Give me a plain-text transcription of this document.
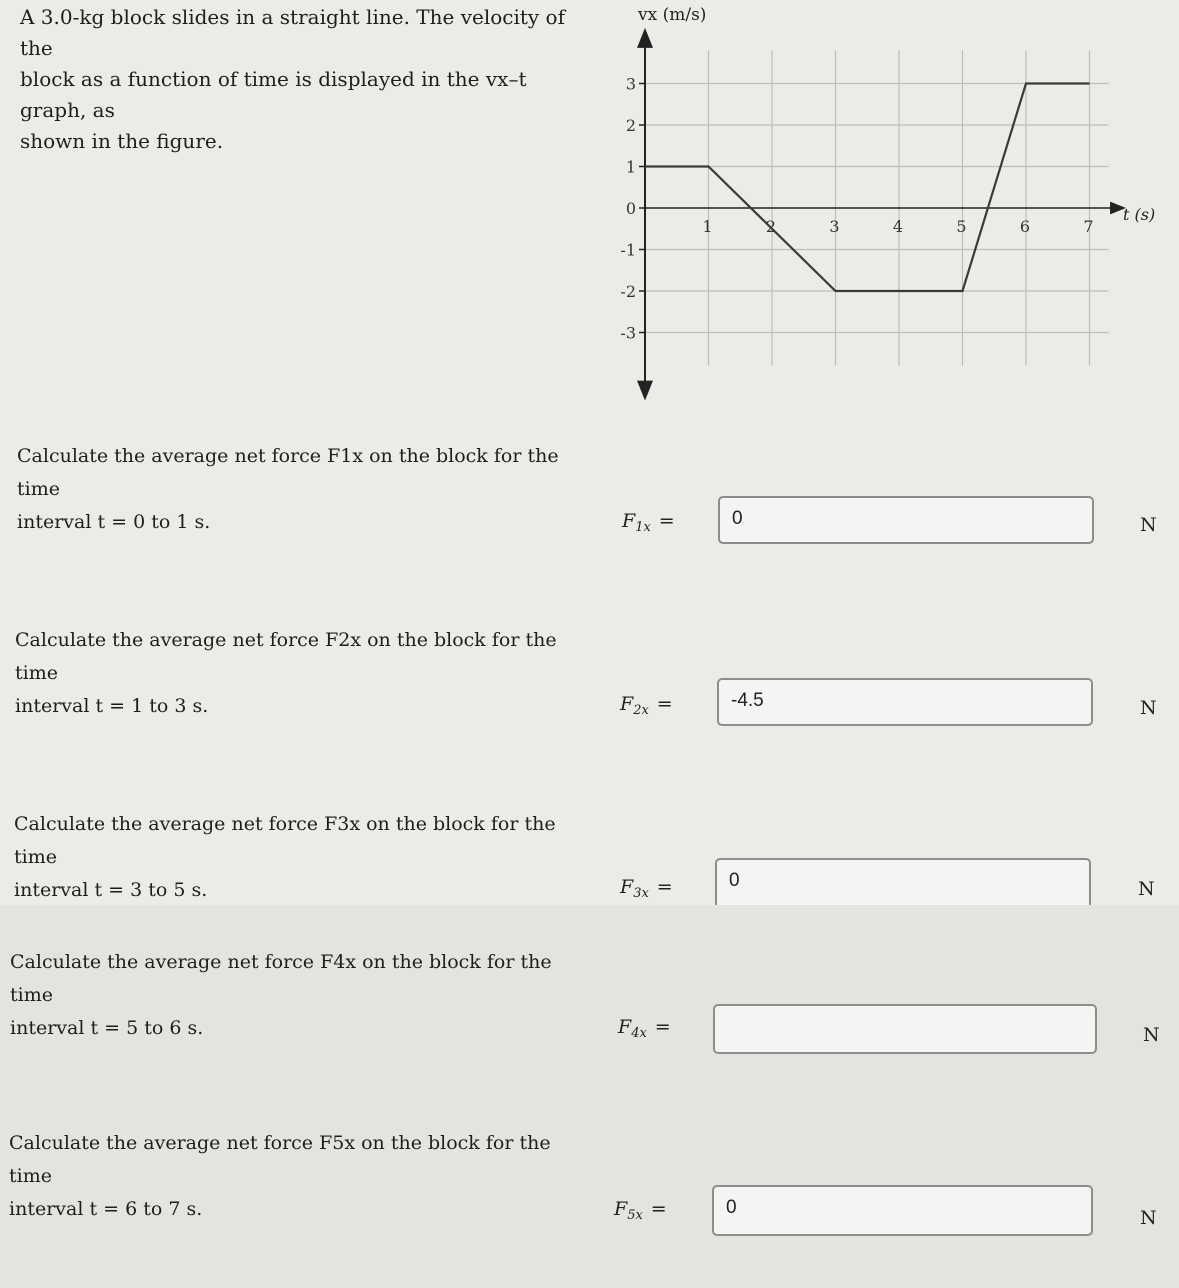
A 3.0-kg block slides in a straight line. The velocity of the
block as a function of time is displayed in the vx–t graph, as
shown in the figure.
3
2
1
0
-1
-2
-3
1	2	3	4	5	6	7
vx (m/s)
t (s)
Calculate the average net force F1x on the block for the time
interval t = 0 to 1 s.	$F_{1x}$ =	0	N
Calculate the average net force F2x on the block for the time
interval t = 1 to 3 s.	$F_{2x}$ =	-4.5	N
Calculate the average net force F3x on the block for the time
interval t = 3 to 5 s.	$F_{3x}$ =	0	N
Calculate the average net force F4x on the block for the time
interval t = 5 to 6 s.	$F_{4x}$ =	N
Calculate the average net force F5x on the block for the time
interval t = 6 to 7 s.	$F_{5x}$ =	0	N
